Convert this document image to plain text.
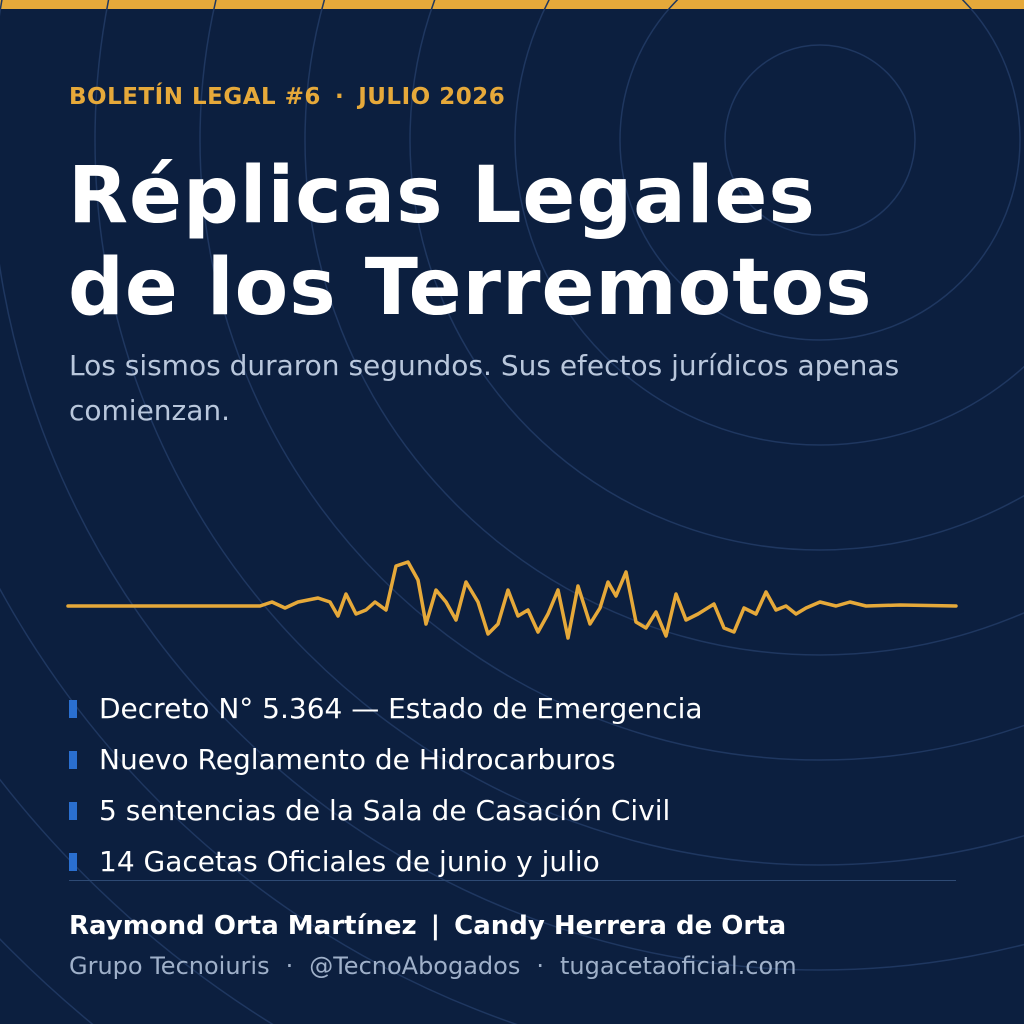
BOLETÍN LEGAL #6 · JULIO 2026
Réplicas Legales
de los Terremotos

Los sismos duraron segundos. Sus efectos jurídicos apenas comienzan.

Decreto N° 5.364 — Estado de Emergencia
Nuevo Reglamento de Hidrocarburos
5 sentencias de la Sala de Casación Civil
14 Gacetas Oficiales de junio y julio
Raymond Orta Martínez | Candy Herrera de Orta
Grupo Tecnoiuris · @TecnoAbogados · tugacetaoficial.com
